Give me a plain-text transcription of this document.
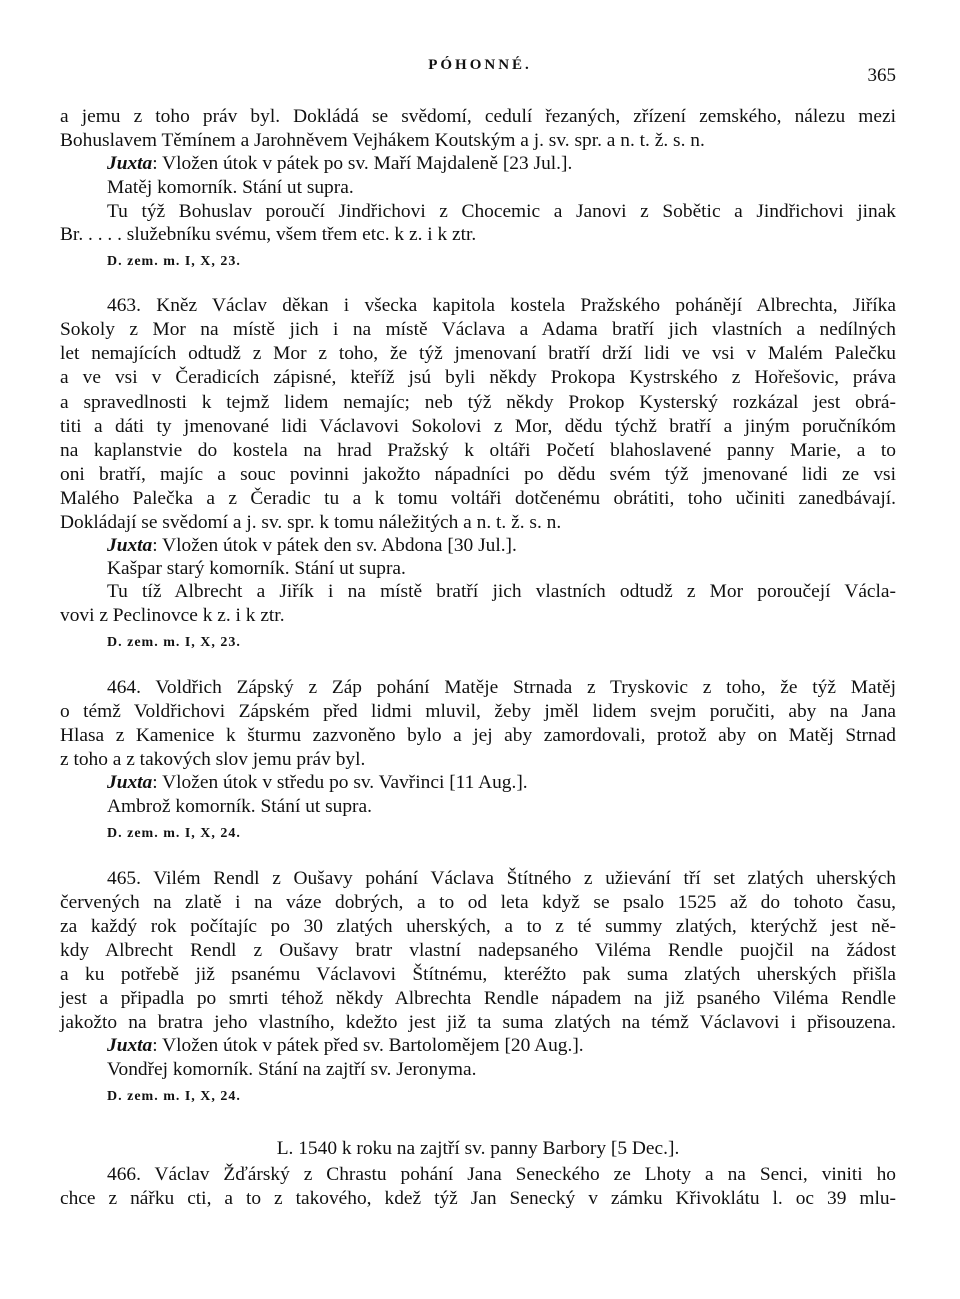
PÓHONNÉ.	365
a jemu z toho práv byl. Dokládá se svědomí, cedulí řezaných, zřízení zemského, nálezu mezi
Bohuslavem Těmínem a Jarohněvem Vejhákem Koutským a j. sv. spr. a n. t. ž. s. n.
Juxta: Vložen útok v pátek po sv. Maří Majdaleně [23 Jul.].
Matěj komorník. Stání ut supra.
Tu týž Bohuslav poroučí Jindřichovi z Chocemic a Janovi z Sobětic a Jindřichovi jinak
Br. . . . . služebníku svému, všem třem etc. k z. i k ztr.
D. zem. m. I, X, 23.
463. Kněz Václav děkan i všecka kapitola kostela Pražského pohánějí Albrechta, Jiříka
Sokoly z Mor na místě jich i na místě Václava a Adama bratří jich vlastních a nedílných
let nemajících odtudž z Mor z toho, že týž jmenovaní bratří drží lidi ve vsi v Malém Palečku
a ve vsi v Čeradicích zápisné, kteříž jsú byli někdy Prokopa Kystrského z Hořešovic, práva
a spravedlnosti k tejmž lidem nemajíc; neb týž někdy Prokop Kysterský rozkázal jest obrá-
titi a dáti ty jmenované lidi Václavovi Sokolovi z Mor, dědu týchž bratří a jiným poručníkóm
na kaplanstvie do kostela na hrad Pražský k oltáři Početí blahoslavené panny Marie, a to
oni bratří, majíc a souc povinni jakožto nápadníci po dědu svém týž jmenované lidi ze vsi
Malého Palečka a z Čeradic tu a k tomu voltáři dotčenému obrátiti, toho učiniti zanedbávají.
Dokládají se svědomí a j. sv. spr. k tomu náležitých a n. t. ž. s. n.
Juxta: Vložen útok v pátek den sv. Abdona [30 Jul.].
Kašpar starý komorník. Stání ut supra.
Tu tíž Albrecht a Jiřík i na místě bratří jich vlastních odtudž z Mor poroučejí Václa-
vovi z Peclinovce k z. i k ztr.
D. zem. m. I, X, 23.
464. Voldřich Zápský z Záp pohání Matěje Strnada z Tryskovic z toho, že týž Matěj
o témž Voldřichovi Zápském před lidmi mluvil, žeby jměl lidem svejm poručiti, aby na Jana
Hlasa z Kamenice k šturmu zazvoněno bylo a jej aby zamordovali, protož aby on Matěj Strnad
z toho a z takových slov jemu práv byl.
Juxta: Vložen útok v středu po sv. Vavřinci [11 Aug.].
Ambrož komorník. Stání ut supra.
D. zem. m. I, X, 24.
465. Vilém Rendl z Oušavy pohání Václava Štítného z užievání tří set zlatých uherských
červených na zlatě i na váze dobrých, a to od leta když se psalo 1525 až do tohoto času,
za každý rok počítajíc po 30 zlatých uherských, a to z té summy zlatých, kterýchž jest ně-
kdy Albrecht Rendl z Oušavy bratr vlastní nadepsaného Viléma Rendle puojčil na žádost
a ku potřebě již psanému Václavovi Štítnému, kteréžto pak suma zlatých uherských přišla
jest a připadla po smrti téhož někdy Albrechta Rendle nápadem na již psaného Viléma Rendle
jakožto na bratra jeho vlastního, kdežto jest již ta suma zlatých na témž Václavovi i přisouzena.
Juxta: Vložen útok v pátek před sv. Bartolomějem [20 Aug.].
Vondřej komorník. Stání na zajtří sv. Jeronyma.
D. zem. m. I, X, 24.
L. 1540 k roku na zajtří sv. panny Barbory [5 Dec.].
466. Václav Žďárský z Chrastu pohání Jana Seneckého ze Lhoty a na Senci, viniti ho
chce z nářku cti, a to z takového, kdež týž Jan Senecký v zámku Křivoklátu l. oc 39 mlu-
